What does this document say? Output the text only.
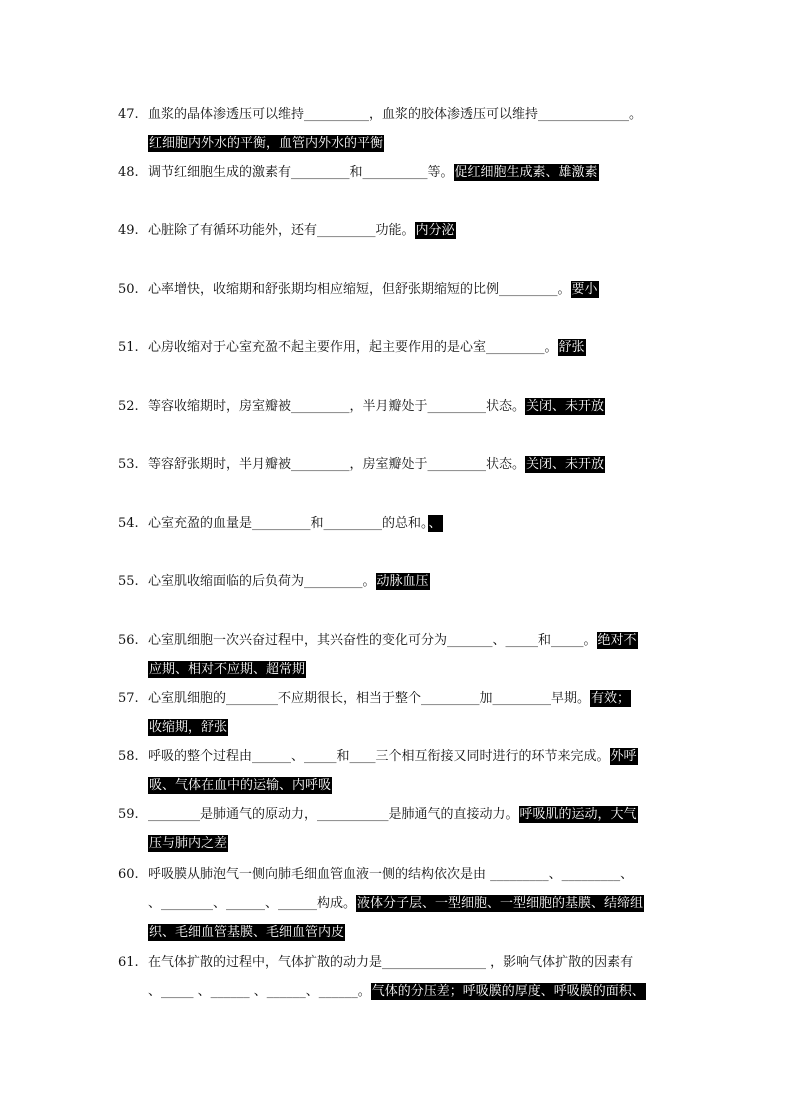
47. 血浆的晶体渗透压可以维持__________，血浆的胶体渗透压可以维持______________。
红细胞内外水的平衡，血管内外水的平衡
48. 调节红细胞生成的激素有_________和__________等。促红细胞生成素、雄激素
49. 心脏除了有循环功能外，还有_________功能。内分泌
50. 心率增快，收缩期和舒张期均相应缩短，但舒张期缩短的比例_________。要小
51. 心房收缩对于心室充盈不起主要作用，起主要作用的是心室_________。舒张
52. 等容收缩期时，房室瓣被_________，半月瓣处于_________状态。关闭、未开放
53. 等容舒张期时，半月瓣被_________，房室瓣处于_________状态。关闭、未开放
54. 心室充盈的血量是_________和_________的总和。、
55. 心室肌收缩面临的后负荷为_________。动脉血压
56. 心室肌细胞一次兴奋过程中，其兴奋性的变化可分为_______、_____和_____。绝对不
应期、相对不应期、超常期
57. 心室肌细胞的________不应期很长，相当于整个_________加_________早期。有效；
收缩期，舒张
58. 呼吸的整个过程由______、_____和____三个相互衔接又同时进行的环节来完成。外呼
吸、气体在血中的运输、内呼吸
59. ________是肺通气的原动力，___________是肺通气的直接动力。呼吸肌的运动，大气
压与肺内之差
60. 呼吸膜从肺泡气一侧向肺毛细血管血液一侧的结构依次是由 _________、_________、
、________、______、______构成。液体分子层、一型细胞、一型细胞的基膜、结缔组
织、毛细血管基膜、毛细血管内皮
61. 在气体扩散的过程中，气体扩散的动力是________________ ，影响气体扩散的因素有
、_____ 、______ 、______、______。气体的分压差；呼吸膜的厚度、呼吸膜的面积、
